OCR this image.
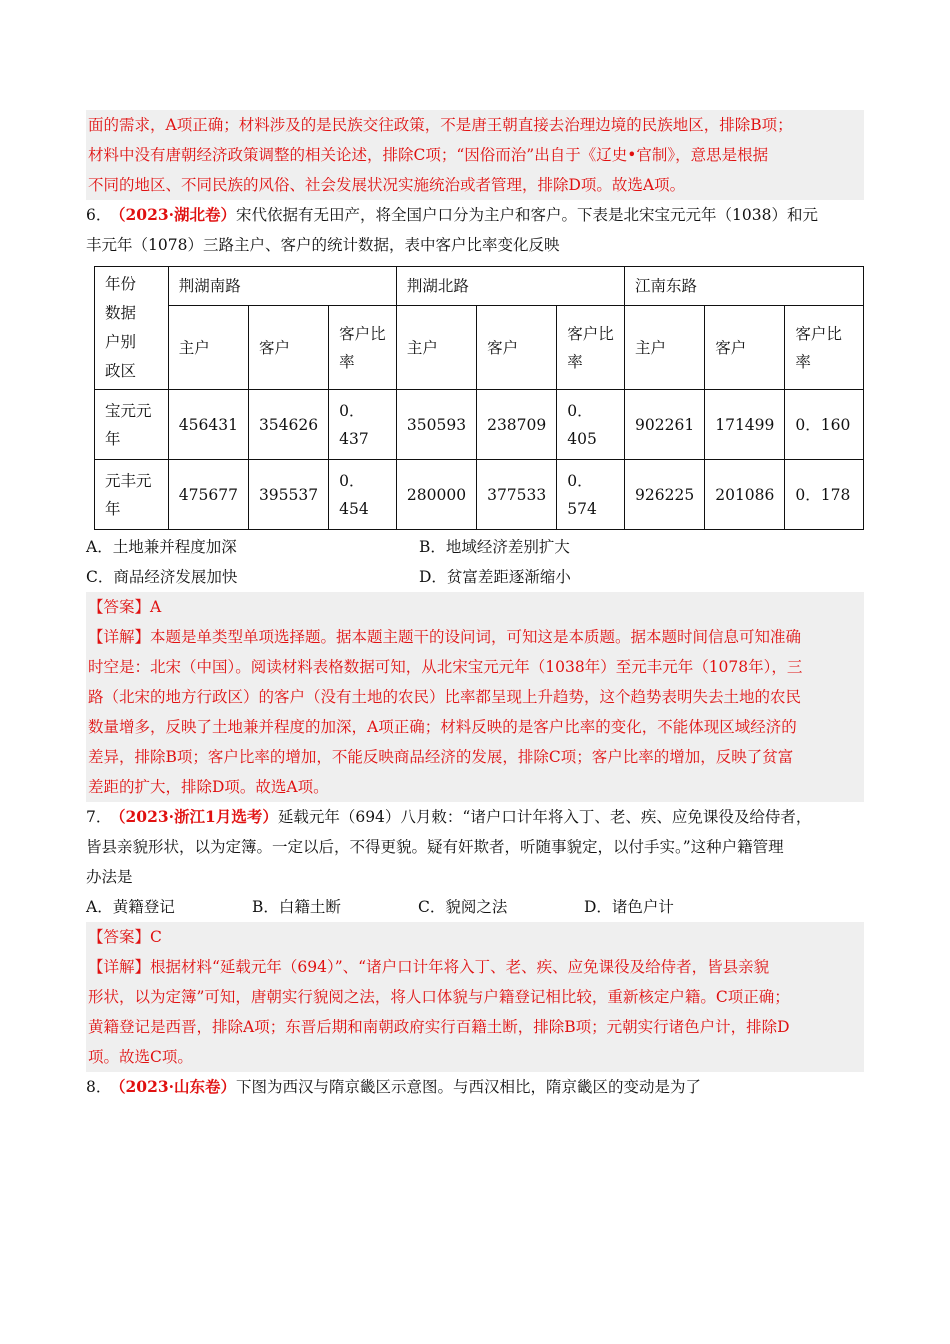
面的需求，A项正确；材料涉及的是民族交往政策，不是唐王朝直接去治理边境的民族地区，排除B项；
材料中没有唐朝经济政策调整的相关论述，排除C项；“因俗而治”出自于《辽史•官制》，意思是根据
不同的地区、不同民族的风俗、社会发展状况实施统治或者管理，排除D项。故选A项。
6．（2023·湖北卷）宋代依据有无田产，将全国户口分为主户和客户。下表是北宋宝元元年（1038）和元
丰元年（1078）三路主户、客户的统计数据，表中客户比率变化反映
年份
数据
户别
政区	荆湖南路			荆湖北路			江南东路		
	主户	客户	客户比率	主户	客户	客户比率	主户	客户	客户比率
宝元元年	456431	354626	0．437	350593	238709	0．405	902261	171499	0．160
元丰元年	475677	395537	0．454	280000	377533	0．574	926225	201086	0．178
A．土地兼并程度加深	B．地域经济差别扩大
C．商品经济发展加快	D．贫富差距逐渐缩小
【答案】A
【详解】本题是单类型单项选择题。据本题主题干的设问词，可知这是本质题。据本题时间信息可知准确
时空是：北宋（中国）。阅读材料表格数据可知，从北宋宝元元年（1038年）至元丰元年（1078年），三
路（北宋的地方行政区）的客户（没有土地的农民）比率都呈现上升趋势，这个趋势表明失去土地的农民
数量增多，反映了土地兼并程度的加深，A项正确；材料反映的是客户比率的变化，不能体现区域经济的
差异，排除B项；客户比率的增加，不能反映商品经济的发展，排除C项；客户比率的增加，反映了贫富
差距的扩大，排除D项。故选A项。
7．（2023·浙江1月选考）延载元年（694）八月敕：“诸户口计年将入丁、老、疾、应免课役及给侍者，
皆县亲貌形状，以为定簿。一定以后，不得更貌。疑有奸欺者，听随事貌定，以付手实。”这种户籍管理
办法是
A．黄籍登记	B．白籍土断	C．貌阅之法	D．诸色户计
【答案】C
【详解】根据材料“延载元年（694）”、“诸户口计年将入丁、老、疾、应免课役及给侍者，皆县亲貌
形状，以为定簿”可知，唐朝实行貌阅之法，将人口体貌与户籍登记相比较，重新核定户籍。C项正确；
黄籍登记是西晋，排除A项；东晋后期和南朝政府实行百籍土断，排除B项；元朝实行诸色户计，排除D
项。故选C项。
8．（2023·山东卷）下图为西汉与隋京畿区示意图。与西汉相比，隋京畿区的变动是为了
